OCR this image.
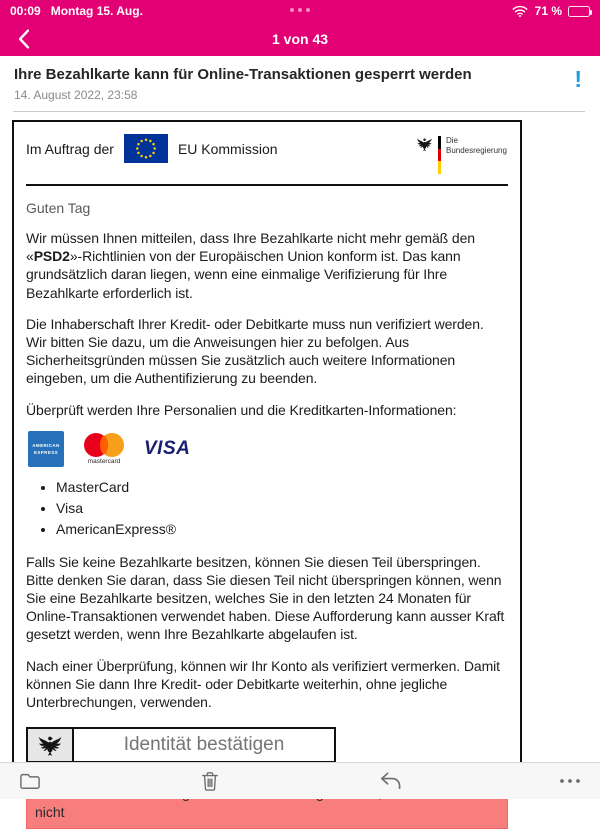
00:09 Montag 15. Aug.	71 %
1 von 43
Ihre Bezahlkarte kann für Online-Transaktionen gesperrt werden
14. August 2022, 23:58
!
Im Auftrag der	EU Kommission	Die Bundesregierung
Guten Tag

Wir müssen Ihnen mitteilen, dass Ihre Bezahlkarte nicht mehr gemäß den «PSD2»-Richtlinien von der Europäischen Union konform ist. Das kann grundsätzlich daran liegen, wenn eine einmalige Verifizierung für Ihre Bezahlkarte erforderlich ist.

Die Inhaberschaft Ihrer Kredit- oder Debitkarte muss nun verifiziert werden. Wir bitten Sie dazu, um die Anweisungen hier zu befolgen. Aus Sicherheitsgründen müssen Sie zusätzlich auch weitere Informationen eingeben, um die Authentifizierung zu beenden.

Überprüft werden Ihre Personalien und die Kreditkarten-Informationen:

AMERICAN
EXPRESS
mastercard
VISA
• MasterCard
• Visa
• AmericanExpress®

Falls Sie keine Bezahlkarte besitzen, können Sie diesen Teil überspringen. Bitte denken Sie daran, dass Sie diesen Teil nicht überspringen können, wenn Sie eine Bezahlkarte besitzen, welches Sie in den letzten 24 Monaten für Online-Transaktionen verwendet haben. Diese Aufforderung kann ausser Kraft gesetzt werden, wenn Ihre Bezahlkarte abgelaufen ist.

Nach einer Überprüfung, können wir Ihr Konto als verifiziert vermerken. Damit können Sie dann Ihre Kredit- oder Debitkarte weiterhin, ohne jegliche Unterbrechungen, verwenden.

Identität bestätigen
nicht
